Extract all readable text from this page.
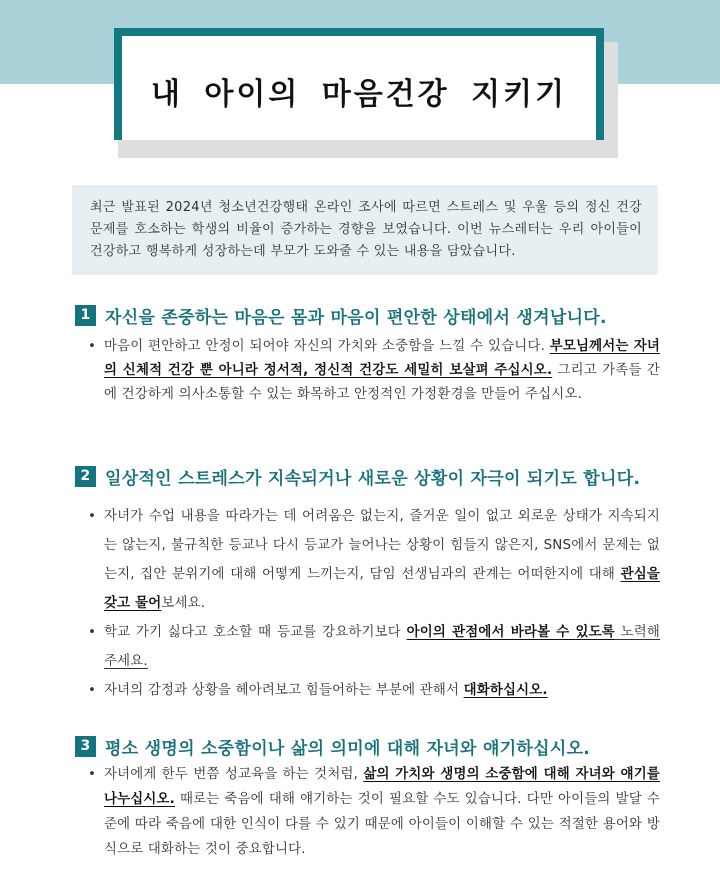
내 아이의 마음건강 지키기
최근 발표된 2024년 청소년건강행태 온라인 조사에 따르면 스트레스 및 우울 등의 정신 건강 문제를 호소하는 학생의 비율이 증가하는 경향을 보였습니다. 이번 뉴스레터는 우리 아이들이 건강하고 행복하게 성장하는데 부모가 도와줄 수 있는 내용을 담았습니다.
1 자신을 존중하는 마음은 몸과 마음이 편안한 상태에서 생겨납니다.
• 마음이 편안하고 안정이 되어야 자신의 가치와 소중함을 느낄 수 있습니다. 부모님께서는 자녀의 신체적 건강 뿐 아니라 정서적, 정신적 건강도 세밀히 보살펴 주십시오. 그리고 가족들 간에 건강하게 의사소통할 수 있는 화목하고 안정적인 가정환경을 만들어 주십시오.
2 일상적인 스트레스가 지속되거나 새로운 상황이 자극이 되기도 합니다.
• 자녀가 수업 내용을 따라가는 데 어려움은 없는지, 즐거운 일이 없고 외로운 상태가 지속되지는 않는지, 불규칙한 등교나 다시 등교가 늘어나는 상황이 힘들지 않은지, SNS에서 문제는 없는지, 집안 분위기에 대해 어떻게 느끼는지, 담임 선생님과의 관계는 어떠한지에 대해 관심을 갖고 물어보세요.
• 학교 가기 싫다고 호소할 때 등교를 강요하기보다 아이의 관점에서 바라볼 수 있도록 노력해 주세요.
• 자녀의 감정과 상황을 헤아려보고 힘들어하는 부분에 관해서 대화하십시오.
3 평소 생명의 소중함이나 삶의 의미에 대해 자녀와 얘기하십시오.
• 자녀에게 한두 번쯤 성교육을 하는 것처럼, 삶의 가치와 생명의 소중함에 대해 자녀와 얘기를 나누십시오. 때로는 죽음에 대해 얘기하는 것이 필요할 수도 있습니다. 다만 아이들의 발달 수준에 따라 죽음에 대한 인식이 다를 수 있기 때문에 아이들이 이해할 수 있는 적절한 용어와 방식으로 대화하는 것이 중요합니다.
